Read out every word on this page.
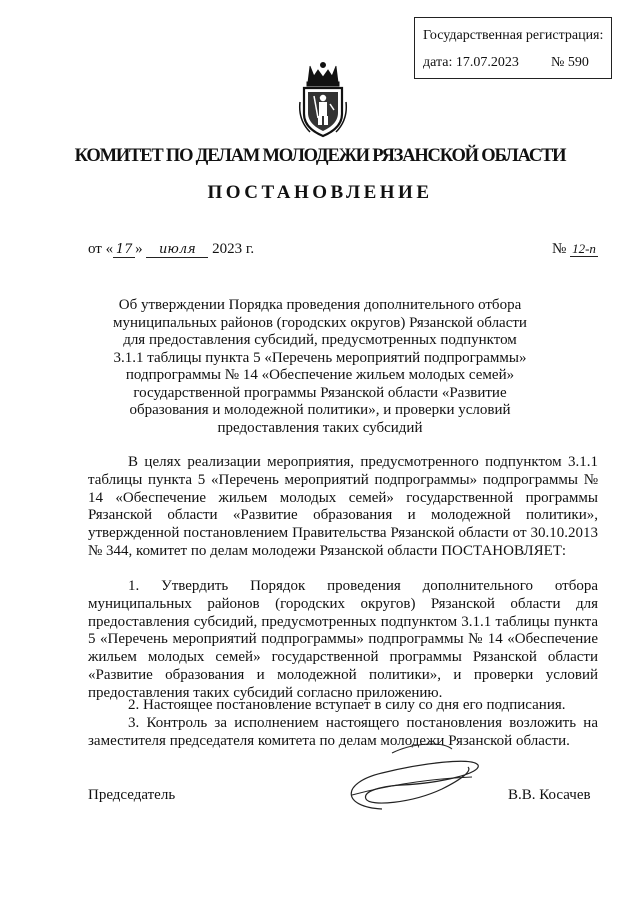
Государственная регистрация:
дата: 17.07.2023 № 590
КОМИТЕТ ПО ДЕЛАМ МОЛОДЕЖИ РЯЗАНСКОЙ ОБЛАСТИ
ПОСТАНОВЛЕНИЕ
от « 17 » июля 2023 г.	№ 12-п
Об утверждении Порядка проведения дополнительного отбора
муниципальных районов (городских округов) Рязанской области
для предоставления субсидий, предусмотренных подпунктом
3.1.1 таблицы пункта 5 «Перечень мероприятий подпрограммы»
подпрограммы № 14 «Обеспечение жильем молодых семей»
государственной программы Рязанской области «Развитие
образования и молодежной политики», и проверки условий
предоставления таких субсидий

В целях реализации мероприятия, предусмотренного подпунктом 3.1.1 таблицы пункта 5 «Перечень мероприятий подпрограммы» подпрограммы № 14 «Обеспечение жильем молодых семей» государственной программы Рязанской области «Развитие образования и молодежной политики», утвержденной постановлением Правительства Рязанской области от 30.10.2013 № 344, комитет по делам молодежи Рязанской области ПОСТАНОВЛЯЕТ:

1. Утвердить Порядок проведения дополнительного отбора муниципальных районов (городских округов) Рязанской области для предоставления субсидий, предусмотренных подпунктом 3.1.1 таблицы пункта 5 «Перечень мероприятий подпрограммы» подпрограммы № 14 «Обеспечение жильем молодых семей» государственной программы Рязанской области «Развитие образования и молодежной политики», и проверки условий предоставления таких субсидий согласно приложению.

2. Настоящее постановление вступает в силу со дня его подписания.

3. Контроль за исполнением настоящего постановления возложить на заместителя председателя комитета по делам молодежи Рязанской области.

Председатель	В.В. Косачев
